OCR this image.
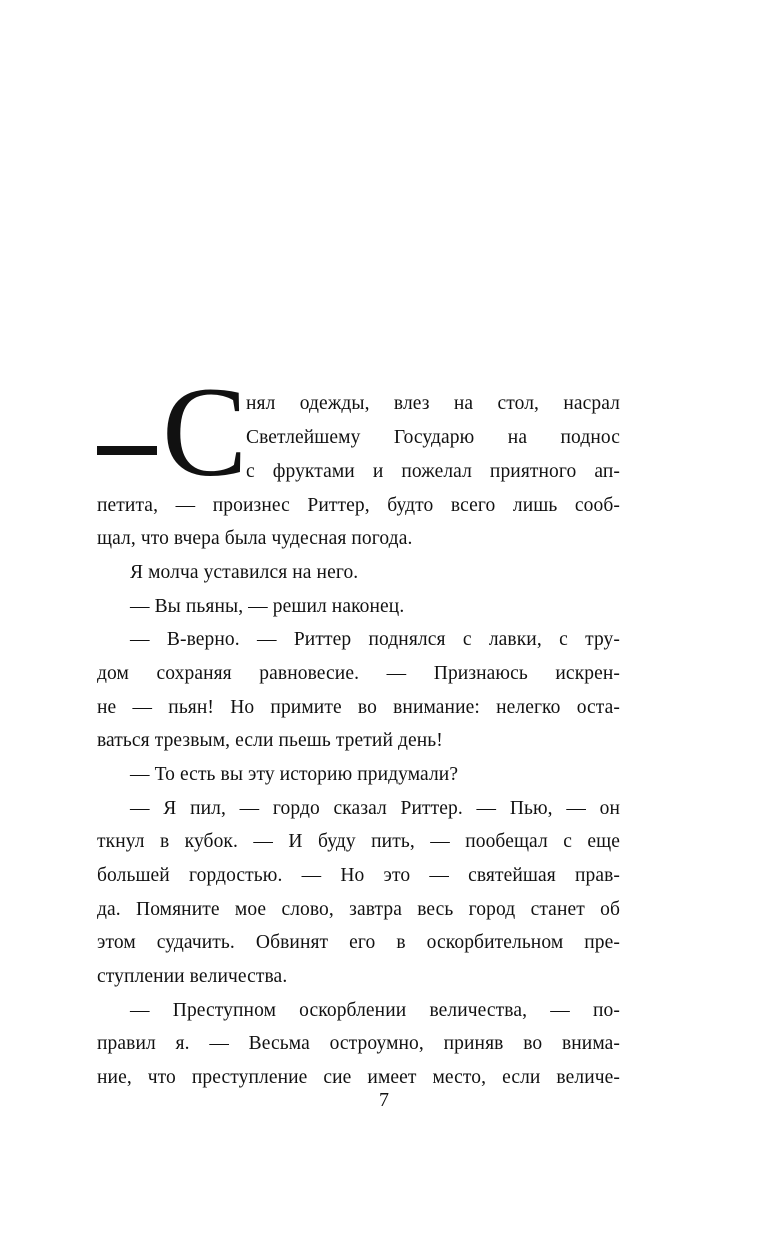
С
нял одежды, влез на стол, насрал
Светлейшему Государю на поднос
с фруктами и пожелал приятного ап-
петита, — произнес Риттер, будто всего лишь сооб-
щал, что вчера была чудесная погода.
Я молча уставился на него.
— Вы пьяны, — решил наконец.
— В-верно. — Риттер поднялся с лавки, с тру-
дом сохраняя равновесие. — Признаюсь искрен-
не — пьян! Но примите во внимание: нелегко оста-
ваться трезвым, если пьешь третий день!
— То есть вы эту историю придумали?
— Я пил, — гордо сказал Риттер. — Пью, — он
ткнул в кубок. — И буду пить, — пообещал с еще
большей гордостью. — Но это — святейшая прав-
да. Помяните мое слово, завтра весь город станет об
этом судачить. Обвинят его в оскорбительном пре-
ступлении величества.
— Преступном оскорблении величества, — по-
правил я. — Весьма остроумно, приняв во внима-
ние, что преступление сие имеет место, если величе-
7
